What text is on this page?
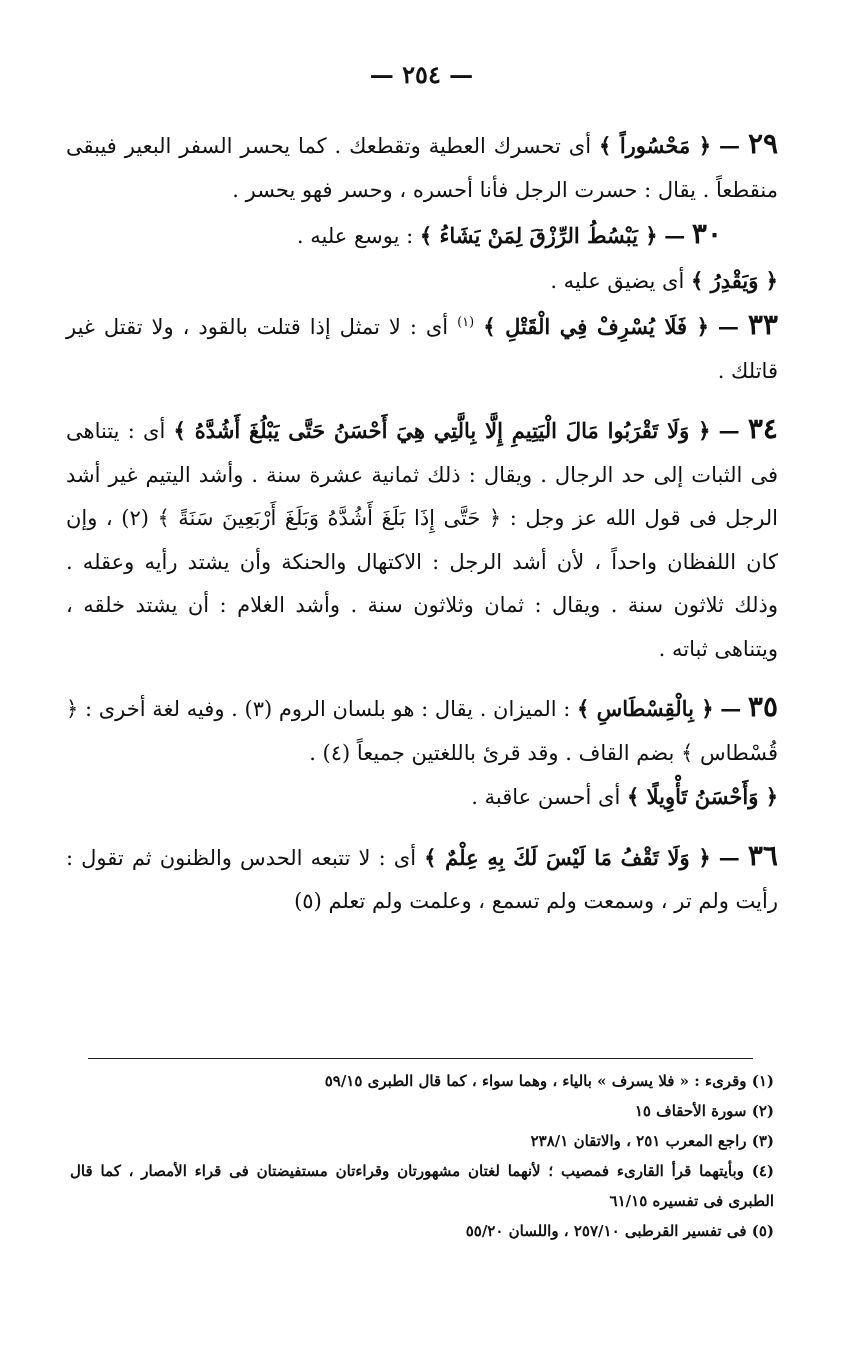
— ٢٥٤ —

٢٩ — ﴿ مَحْسُوراً ﴾ أى تحسرك العطية وتقطعك . كما يحسر السفر البعير فيبقى منقطعاً . يقال : حسرت الرجل فأنا أحسره ، وحسر فهو يحسر .

٣٠ — ﴿ يَبْسُطُ الرِّزْقَ لِمَنْ يَشَاءُ ﴾ : يوسع عليه .

﴿ وَيَقْدِرُ ﴾ أى يضيق عليه .

٣٣ — ﴿ فَلَا يُسْرِفْ فِي الْقَتْلِ ﴾ $^{(١)}$ أى : لا تمثل إذا قتلت بالقود ، ولا تقتل غير قاتلك .

٣٤ — ﴿ وَلَا تَقْرَبُوا مَالَ الْيَتِيمِ إِلَّا بِالَّتِي هِيَ أَحْسَنُ حَتَّى يَبْلُغَ أَشُدَّهُ ﴾ أى : يتناهى فى الثبات إلى حد الرجال . ويقال : ذلك ثمانية عشرة سنة . وأشد اليتيم غير أشد الرجل فى قول الله عز وجل : ﴿ حَتَّى إِذَا بَلَغَ أَشُدَّهُ وَبَلَغَ أَرْبَعِينَ سَنَةً ﴾ (٢) ، وإن كان اللفظان واحداً ، لأن أشد الرجل : الاكتهال والحنكة وأن يشتد رأيه وعقله . وذلك ثلاثون سنة . ويقال : ثمان وثلاثون سنة . وأشد الغلام : أن يشتد خلقه ، ويتناهى ثباته .

٣٥ — ﴿ بِالْقِسْطَاسِ ﴾ : الميزان . يقال : هو بلسان الروم (٣) . وفيه لغة أخرى : ﴿ قُسْطاس ﴾ بضم القاف . وقد قرئ باللغتين جميعاً (٤) .

﴿ وَأَحْسَنُ تَأْوِيلًا ﴾ أى أحسن عاقبة .

٣٦ — ﴿ وَلَا تَقْفُ مَا لَيْسَ لَكَ بِهِ عِلْمٌ ﴾ أى : لا تتبعه الحدس والظنون ثم تقول : رأيت ولم تر ، وسمعت ولم تسمع ، وعلمت ولم تعلم (٥)

(١) وقرىء : « فلا يسرف » بالياء ، وهما سواء ، كما قال الطبرى ٥٩/١٥

(٢) سورة الأحقاف ١٥

(٣) راجع المعرب ٢٥١ ، والاتقان ٢٣٨/١

(٤) وبأيتهما قرأ القارىء فمصيب ؛ لأنهما لغتان مشهورتان وقراءتان مستفيضتان فى قراء الأمصار ، كما قال الطبرى فى تفسيره ٦١/١٥

(٥) فى تفسير القرطبى ٢٥٧/١٠ ، واللسان ٥٥/٢٠
